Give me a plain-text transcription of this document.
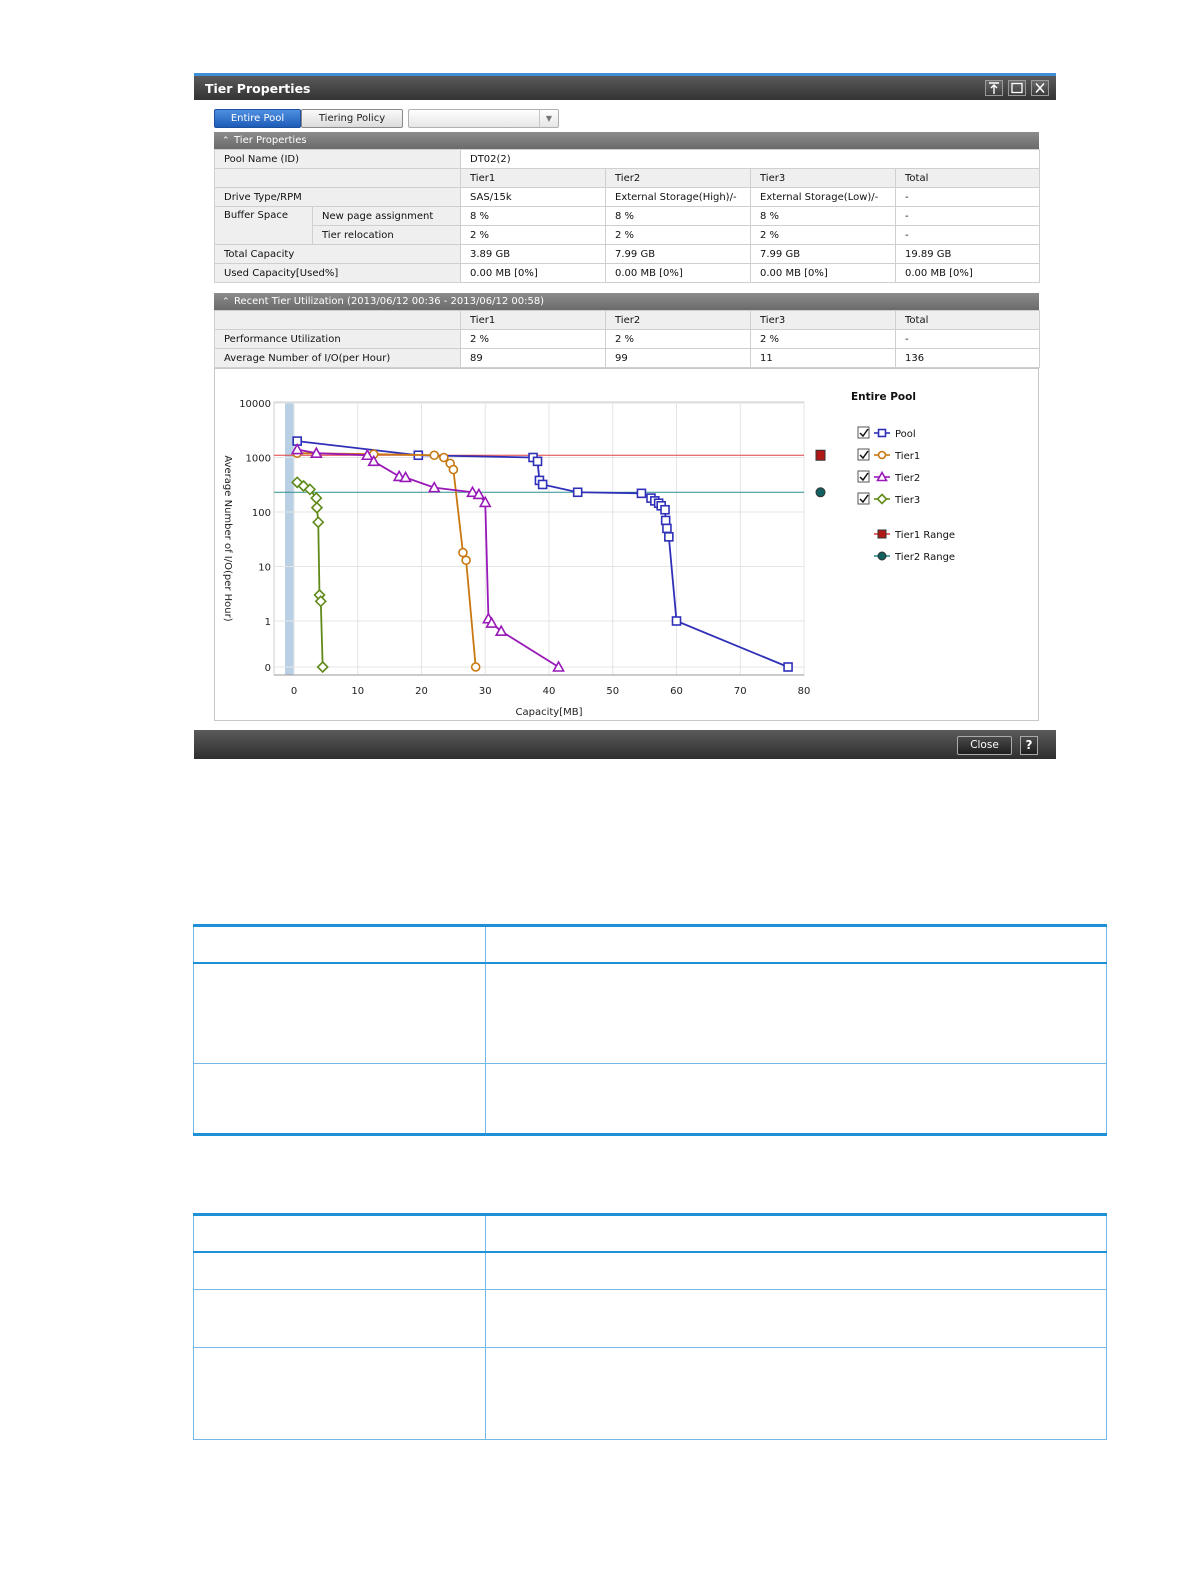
Tier Properties
Entire Pool	Tiering Policy	▼
⌃ Tier Properties
Pool Name (ID)		DT02(2)			
		Tier1	Tier2	Tier3	Total
Drive Type/RPM		SAS/15k	External Storage(High)/-	External Storage(Low)/-	-
Buffer Space	New page assignment	8 %	8 %	8 %	-
	Tier relocation	2 %	2 %	2 %	-
Total Capacity		3.89 GB	7.99 GB	7.99 GB	19.89 GB
Used Capacity[Used%]		0.00 MB [0%]	0.00 MB [0%]	0.00 MB [0%]	0.00 MB [0%]
⌃ Recent Tier Utilization (2013/06/12 00:36 - 2013/06/12 00:58)
	Tier1	Tier2	Tier3	Total
Performance Utilization	2 %	2 %	2 %	-
Average Number of I/O(per Hour)	89	99	11	136
0	10	20	30	40	50	60	70	80
0
1
10
100
1000
10000
Capacity[MB]
Average Number of I/O(per Hour)
Entire Pool
Pool
Tier1
Tier2
Tier3
Tier1 Range
Tier2 Range
Close	?
